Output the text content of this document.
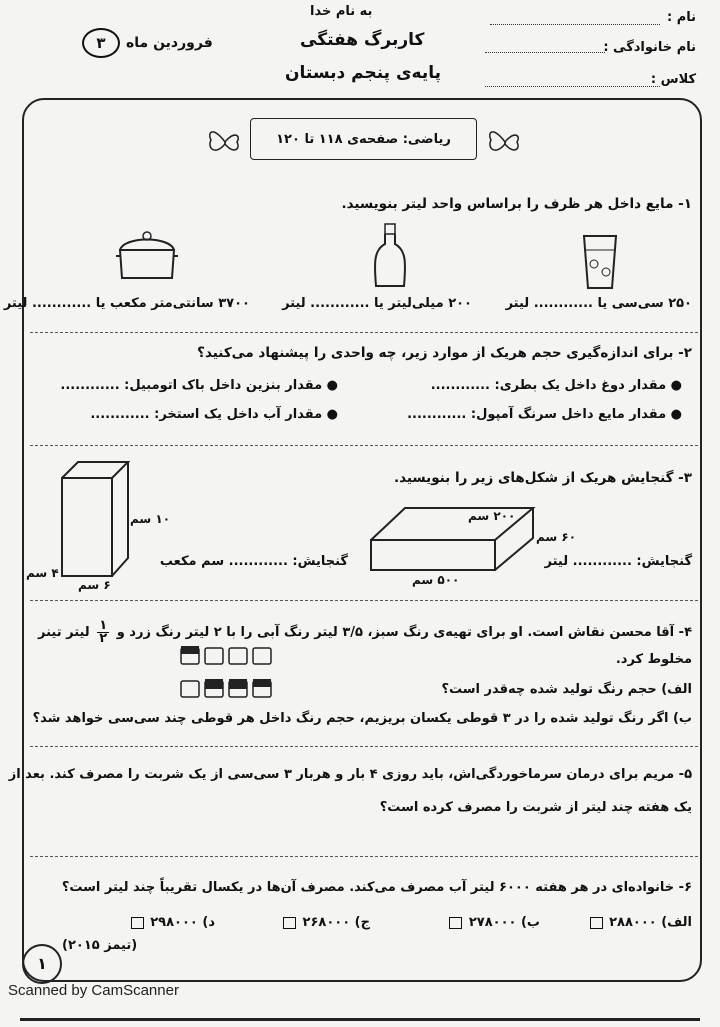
به نام خدا
کاربرگ هفتگی
پایه‌ی پنجم دبستان
فروردین ماه
۳
نام :
نام خانوادگی :
کلاس :
ریاضی: صفحه‌ی ۱۱۸ تا ۱۲۰
۱- مایع داخل هر ظرف را براساس واحد لیتر بنویسید.
۲۵۰ سی‌سی یا ............ لیتر
۲۰۰ میلی‌لیتر یا ............ لیتر
۳۷۰۰ سانتی‌متر مکعب یا ............ لیتر
۲- برای اندازه‌گیری حجم هریک از موارد زیر، چه واحدی را پیشنهاد می‌کنید؟
● مقدار دوغ داخل یک بطری: ............
● مقدار بنزین داخل باک اتومبیل: ............
● مقدار مایع داخل سرنگ آمپول: ............
● مقدار آب داخل یک استخر: ............
۳- گنجایش هریک از شکل‌های زیر را بنویسید.
۲۰۰ سم
۶۰ سم
۵۰۰ سم
گنجایش: ............ لیتر
۱۰ سم
۶ سم
۴ سم
گنجایش: ............ سم مکعب
۴- آقا محسن نقاش است. او برای تهیه‌ی رنگ سبز، ۳/۵ لیتر رنگ آبی را با ۲ لیتر رنگ زرد و
۱
۲
لیتر تینر
مخلوط کرد.
الف) حجم رنگ تولید شده چه‌قدر است؟
ب) اگر رنگ تولید شده را در ۳ قوطی یکسان بریزیم، حجم رنگ داخل هر قوطی چند سی‌سی خواهد شد؟
۵- مریم برای درمان سرماخوردگی‌اش، باید روزی ۴ بار و هربار ۳ سی‌سی از یک شربت را مصرف کند. بعد از
یک هفته چند لیتر از شربت را مصرف کرده است؟
۶- خانواده‌ای در هر هفته ۶۰۰۰ لیتر آب مصرف می‌کند. مصرف آن‌ها در یکسال تقریباً چند لیتر است؟
الف) ۲۸۸۰۰۰
ب) ۲۷۸۰۰۰
ج) ۲۶۸۰۰۰
د) ۲۹۸۰۰۰
(تیمز ۲۰۱۵)
۱
Scanned by CamScanner
